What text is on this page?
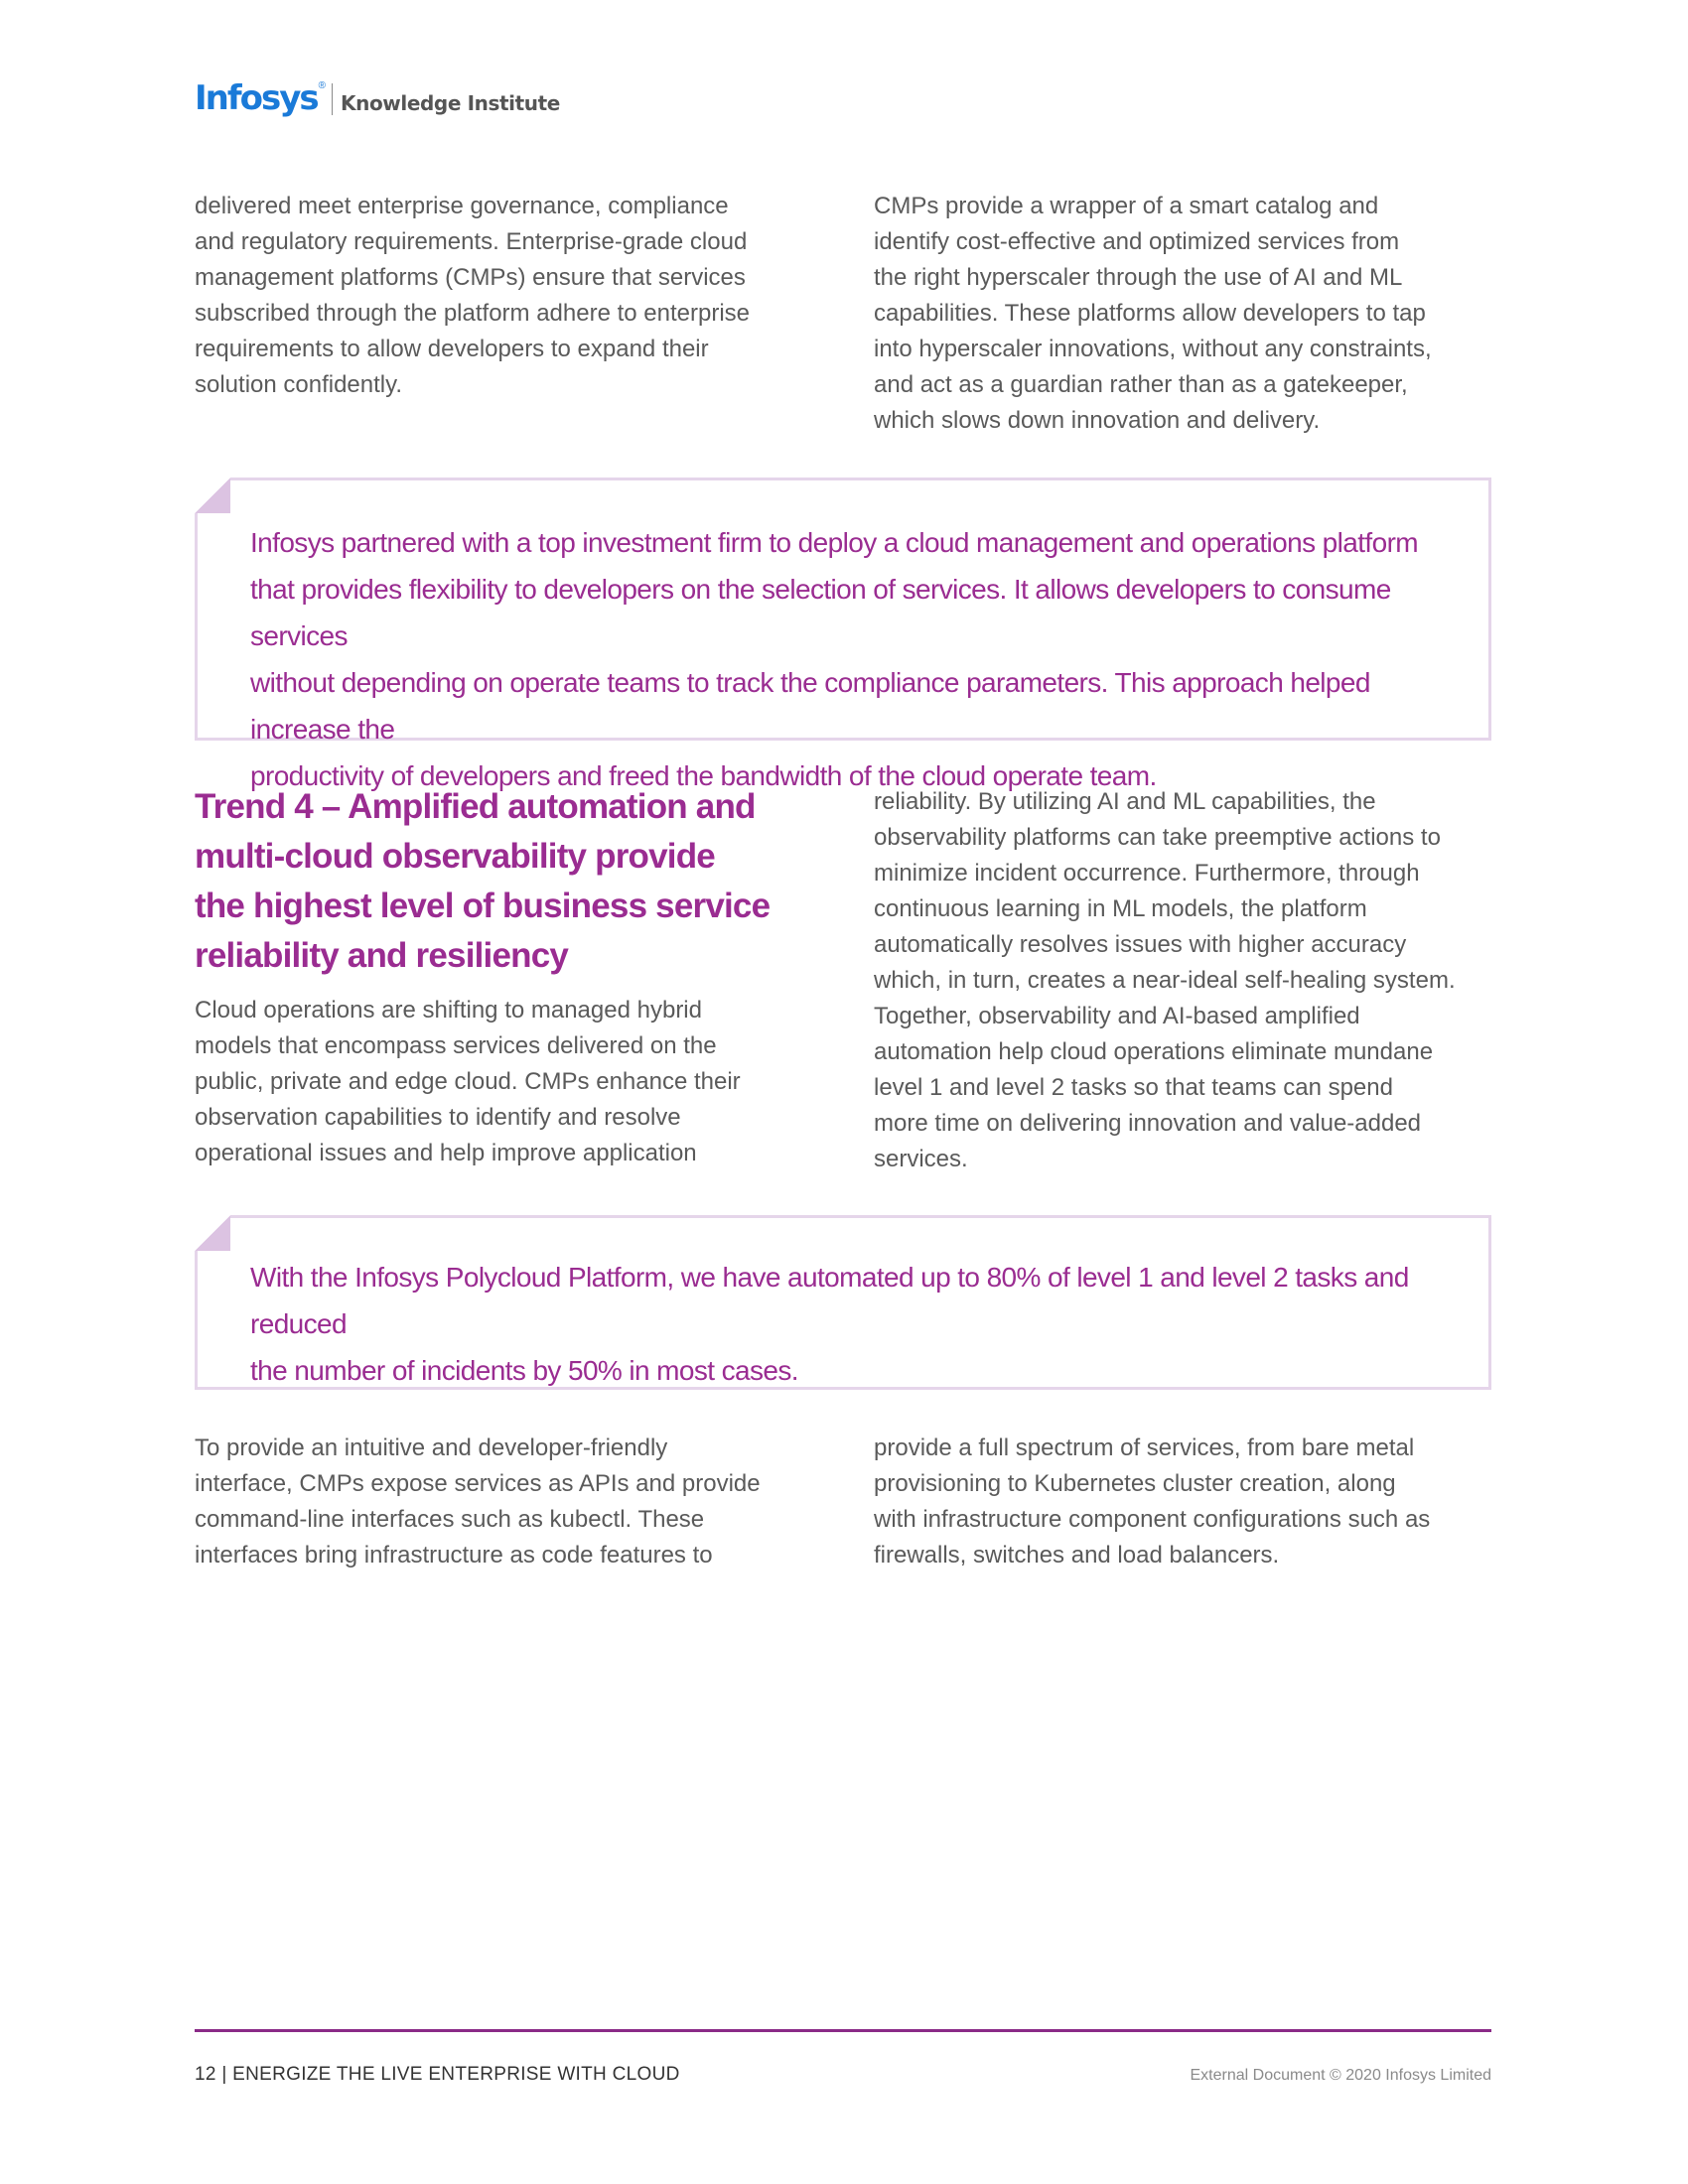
Infosys ®
Knowledge Institute
delivered meet enterprise governance, compliance
and regulatory requirements. Enterprise-grade cloud
management platforms (CMPs) ensure that services
subscribed through the platform adhere to enterprise
requirements to allow developers to expand their
solution confidently.
CMPs provide a wrapper of a smart catalog and
identify cost-effective and optimized services from
the right hyperscaler through the use of AI and ML
capabilities. These platforms allow developers to tap
into hyperscaler innovations, without any constraints,
and act as a guardian rather than as a gatekeeper,
which slows down innovation and delivery.
Infosys partnered with a top investment firm to deploy a cloud management and operations platform
that provides flexibility to developers on the selection of services. It allows developers to consume services
without depending on operate teams to track the compliance parameters. This approach helped increase the
productivity of developers and freed the bandwidth of the cloud operate team.
Trend 4 – Amplified automation and
multi-cloud observability provide
the highest level of business service
reliability and resiliency
Cloud operations are shifting to managed hybrid
models that encompass services delivered on the
public, private and edge cloud. CMPs enhance their
observation capabilities to identify and resolve
operational issues and help improve application
reliability. By utilizing AI and ML capabilities, the
observability platforms can take preemptive actions to
minimize incident occurrence. Furthermore, through
continuous learning in ML models, the platform
automatically resolves issues with higher accuracy
which, in turn, creates a near-ideal self-healing system.
Together, observability and AI-based amplified
automation help cloud operations eliminate mundane
level 1 and level 2 tasks so that teams can spend
more time on delivering innovation and value-added
services.
With the Infosys Polycloud Platform, we have automated up to 80% of level 1 and level 2 tasks and reduced
the number of incidents by 50% in most cases.
To provide an intuitive and developer-friendly
interface, CMPs expose services as APIs and provide
command-line interfaces such as kubectl. These
interfaces bring infrastructure as code features to
provide a full spectrum of services, from bare metal
provisioning to Kubernetes cluster creation, along
with infrastructure component configurations such as
firewalls, switches and load balancers.
12 | ENERGIZE THE LIVE ENTERPRISE WITH CLOUD	External Document © 2020 Infosys Limited
